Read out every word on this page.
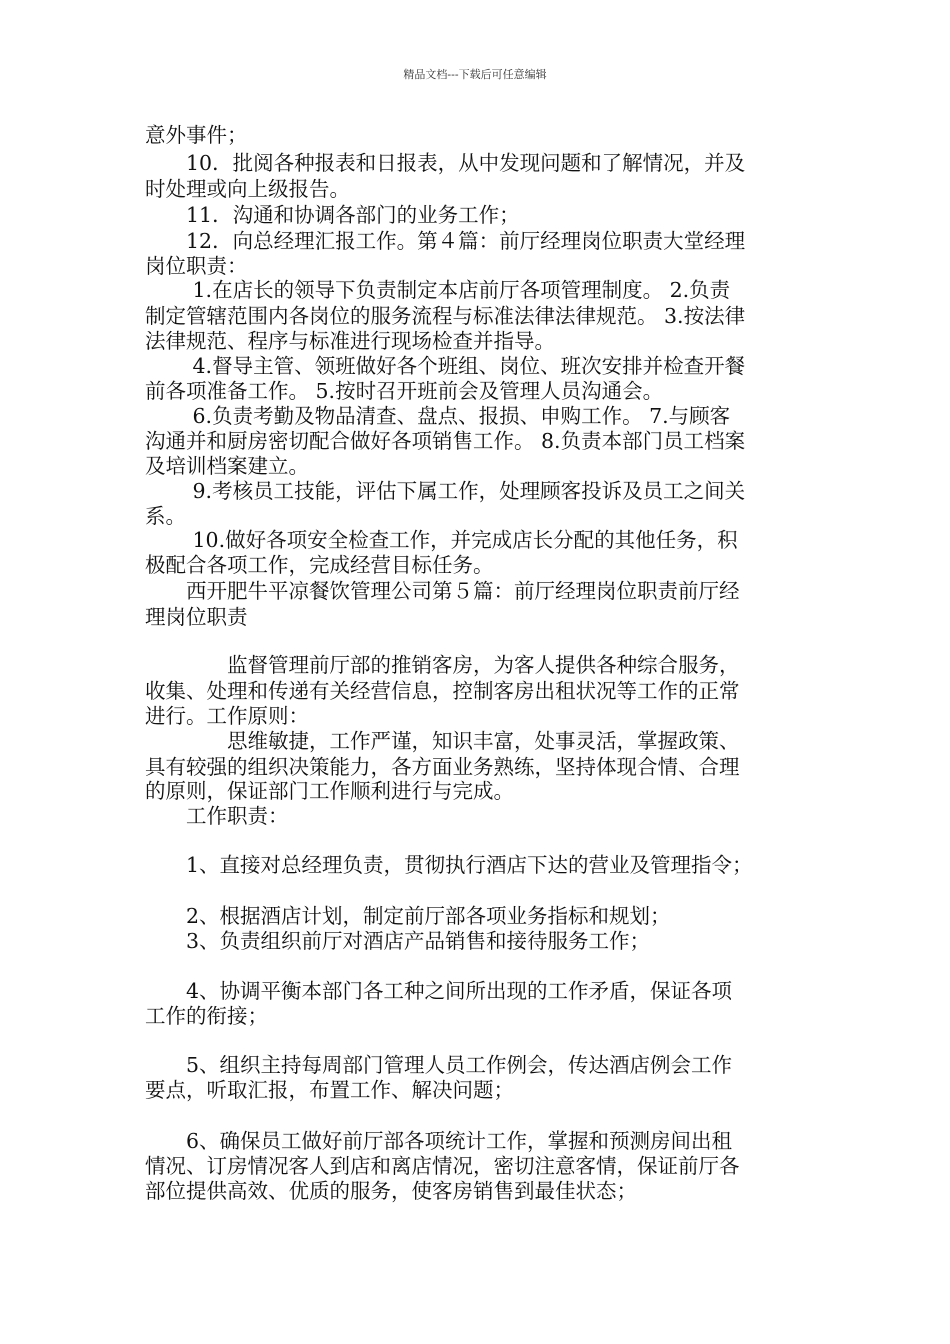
精品文档---下载后可任意编辑
意外事件；
　　10．批阅各种报表和日报表，从中发现问题和了解情况，并及
时处理或向上级报告。
　　11．沟通和协调各部门的业务工作；
　　12．向总经理汇报工作。第４篇：前厅经理岗位职责大堂经理
岗位职责：
　　 1.在店长的领导下负责制定本店前厅各项管理制度。 2.负责
制定管辖范围内各岗位的服务流程与标准法律法律规范。 3.按法律
法律规范、程序与标准进行现场检查并指导。
　　 4.督导主管、领班做好各个班组、岗位、班次安排并检查开餐
前各项准备工作。 5.按时召开班前会及管理人员沟通会。
　　 6.负责考勤及物品清查、盘点、报损、申购工作。 7.与顾客
沟通并和厨房密切配合做好各项销售工作。 8.负责本部门员工档案
及培训档案建立。
　　 9.考核员工技能，评估下属工作，处理顾客投诉及员工之间关
系。
　　 10.做好各项安全检查工作，并完成店长分配的其他任务，积
极配合各项工作，完成经营目标任务。
　　西开肥牛平凉餐饮管理公司第５篇：前厅经理岗位职责前厅经
理岗位职责
　　　　监督管理前厅部的推销客房，为客人提供各种综合服务，
收集、处理和传递有关经营信息，控制客房出租状况等工作的正常
进行。工作原则：
　　　　思维敏捷，工作严谨，知识丰富，处事灵活，掌握政策、
具有较强的组织决策能力，各方面业务熟练，坚持体现合情、合理
的原则，保证部门工作顺利进行与完成。
　　工作职责：
　　1、直接对总经理负责，贯彻执行酒店下达的营业及管理指令；
　　2、根据酒店计划，制定前厅部各项业务指标和规划；
　　3、负责组织前厅对酒店产品销售和接待服务工作；
　　4、协调平衡本部门各工种之间所出现的工作矛盾，保证各项
工作的衔接；
　　5、组织主持每周部门管理人员工作例会，传达酒店例会工作
要点，听取汇报，布置工作、解决问题；
　　6、确保员工做好前厅部各项统计工作，掌握和预测房间出租
情况、订房情况客人到店和离店情况，密切注意客情，保证前厅各
部位提供高效、优质的服务，使客房销售到最佳状态；
